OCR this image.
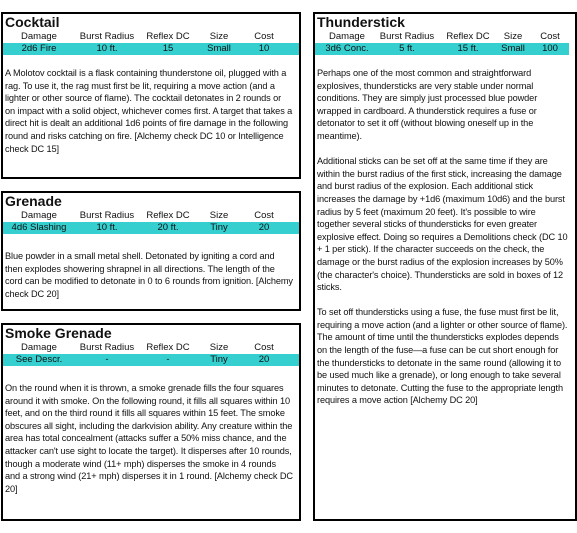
Cocktail
Damage	Burst Radius	Reflex DC	Size	Cost
2d6 Fire	10 ft.	15	Small	10

A Molotov cocktail is a flask containing thunderstone oil, plugged with a rag. To use it, the rag must first be lit, requiring a move action (and a lighter or other source of flame). The cocktail detonates in 2 rounds or on impact with a solid object, whichever comes first. A target that takes a direct hit is dealt an additional 1d6 points of fire damage in the following round and risks catching on fire. [Alchemy check DC 10 or Intelligence check DC 15]

Grenade
Damage	Burst Radius	Reflex DC	Size	Cost
4d6 Slashing	10 ft.	20 ft.	Tiny	20

Blue powder in a small metal shell. Detonated by igniting a cord and then explodes showering shrapnel in all directions. The length of the cord can be modified to detonate in 0 to 6 rounds from ignition. [Alchemy check DC 20]

Smoke Grenade
Damage	Burst Radius	Reflex DC	Size	Cost
See Descr.	-	-	Tiny	20

On the round when it is thrown, a smoke grenade fills the four squares around it with smoke. On the following round, it fills all squares within 10 feet, and on the third round it fills all squares within 15 feet. The smoke obscures all sight, including the darkvision ability. Any creature within the area has total concealment (attacks suffer a 50% miss chance, and the attacker can't use sight to locate the target). It disperses after 10 rounds, though a moderate wind (11+ mph) disperses the smoke in 4 rounds and a strong wind (21+ mph) disperses it in 1 round. [Alchemy check DC 20]

Thunderstick
Damage	Burst Radius	Reflex DC	Size	Cost
3d6 Conc.	5 ft.	15 ft.	Small	100

Perhaps one of the most common and straightforward explosives, thundersticks are very stable under normal conditions. They are simply just processed blue powder wrapped in cardboard. A thunderstick requires a fuse or detonator to set it off (without blowing oneself up in the meantime).

Additional sticks can be set off at the same time if they are within the burst radius of the first stick, increasing the damage and burst radius of the explosion. Each additional stick increases the damage by +1d6 (maximum 10d6) and the burst radius by 5 feet (maximum 20 feet). It's possible to wire together several sticks of thundersticks for even greater explosive effect. Doing so requires a Demolitions check (DC 10 + 1 per stick). If the character succeeds on the check, the damage or the burst radius of the explosion increases by 50% (the character's choice). Thundersticks are sold in boxes of 12 sticks.

To set off thundersticks using a fuse, the fuse must first be lit, requiring a move action (and a lighter or other source of flame). The amount of time until the thundersticks explodes depends on the length of the fuse—a fuse can be cut short enough for the thundersticks to detonate in the same round (allowing it to be used much like a grenade), or long enough to take several minutes to detonate. Cutting the fuse to the appropriate length requires a move action [Alchemy DC 20]
